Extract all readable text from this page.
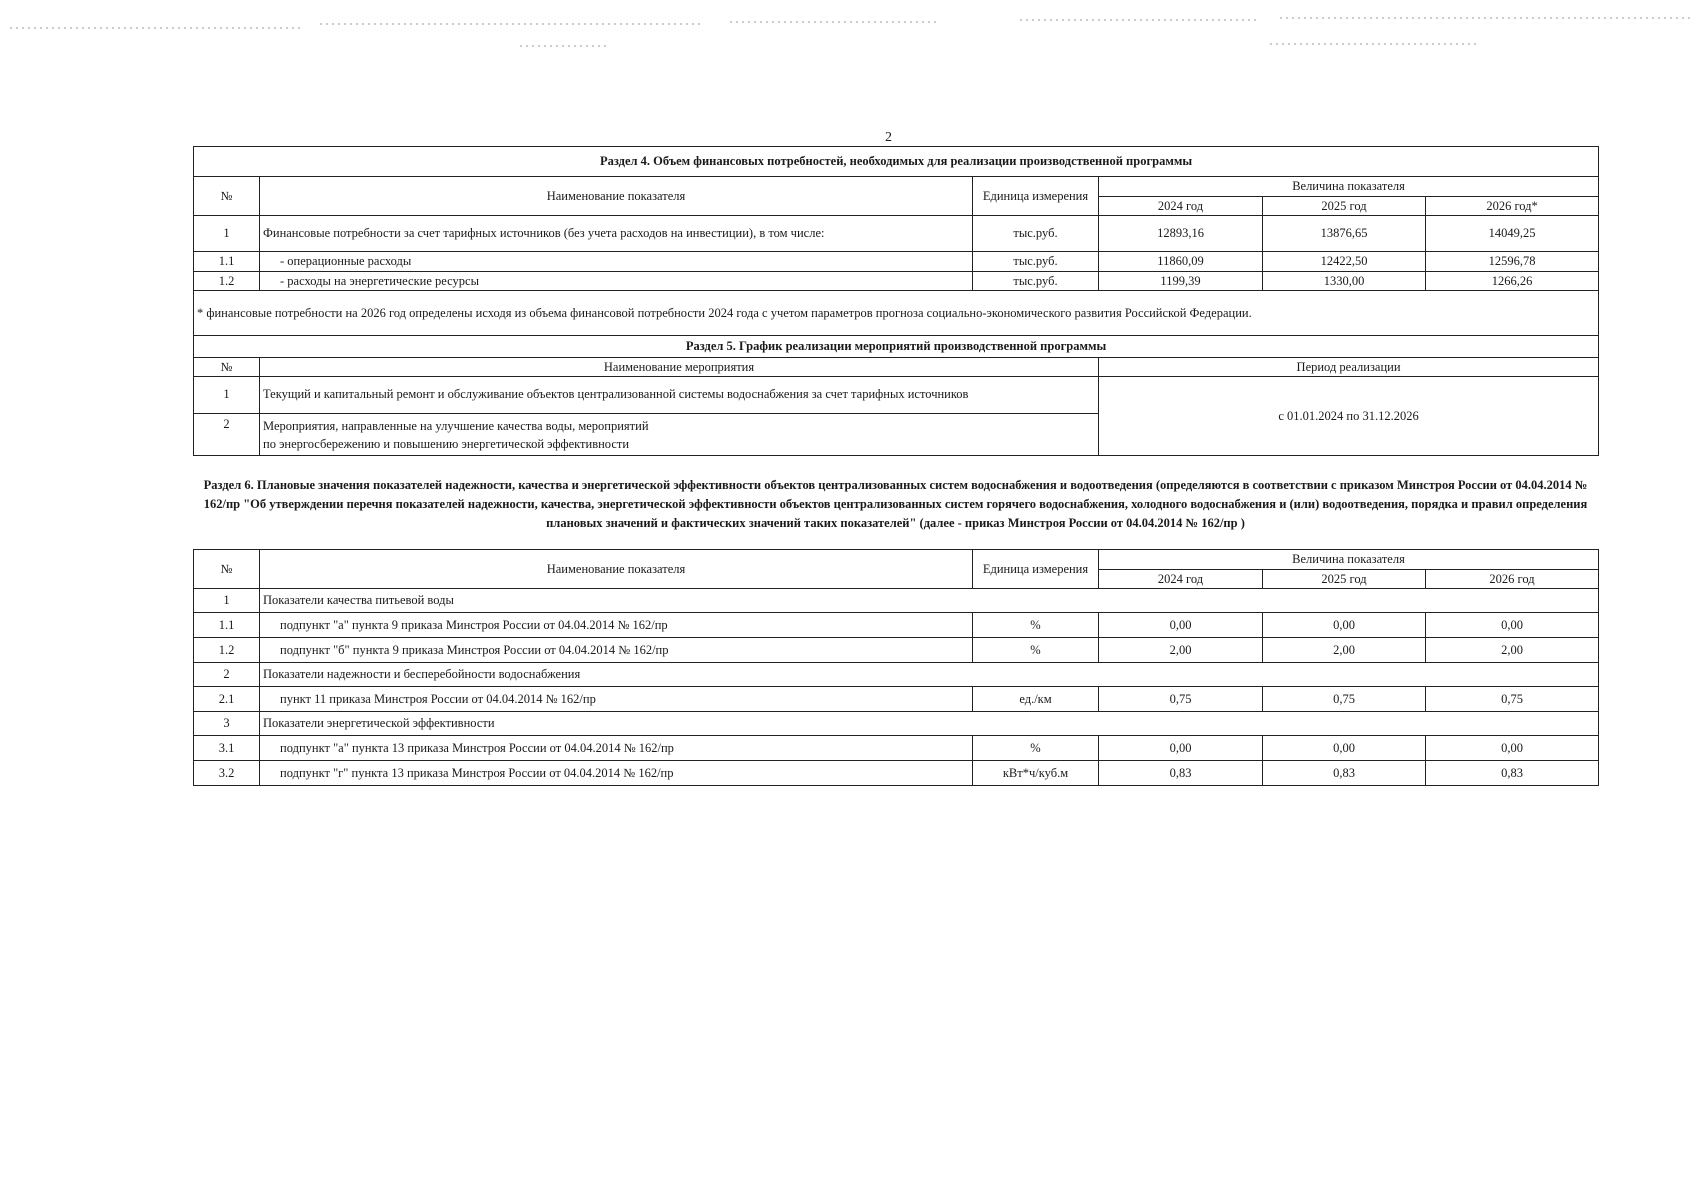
2
Раздел 4. Объем финансовых потребностей, необходимых для реализации производственной программы					
№	Наименование показателя	Единица измерения	Величина показателя		
			2024 год	2025 год	2026 год*
1	Финансовые потребности за счет тарифных источников (без учета расходов на инвестиции), в том числе:	тыс.руб.	12893,16	13876,65	14049,25
1.1	- операционные расходы	тыс.руб.	11860,09	12422,50	12596,78
1.2	- расходы на энергетические ресурсы	тыс.руб.	1199,39	1330,00	1266,26
* финансовые потребности на 2026 год определены исходя из объема финансовой потребности 2024 года с учетом параметров прогноза социально-экономического развития Российской Федерации.					
Раздел 5. График реализации мероприятий производственной программы					
№	Наименование мероприятия		Период реализации		
1	Текущий и капитальный ремонт и обслуживание объектов централизованной системы водоснабжения за счет тарифных источников		с 01.01.2024 по 31.12.2026		
2	Мероприятия, направленные на улучшение качества воды, мероприятий
по энергосбережению и повышению энергетической эффективности				
Раздел 6. Плановые значения показателей надежности, качества и энергетической эффективности объектов централизованных систем водоснабжения и водоотведения (определяются в соответствии с приказом Минстроя России от 04.04.2014 № 162/пр "Об утверждении перечня показателей надежности, качества, энергетической эффективности объектов централизованных систем горячего водоснабжения, холодного водоснабжения и (или) водоотведения, порядка и правил определения плановых значений и фактических значений таких показателей" (далее - приказ Минстроя России от 04.04.2014 № 162/пр )
№	Наименование показателя	Единица измерения	Величина показателя		
			2024 год	2025 год	2026 год
1	Показатели качества питьевой воды				
1.1	подпункт "а" пункта 9 приказа Минстроя России от 04.04.2014 № 162/пр	%	0,00	0,00	0,00
1.2	подпункт "б" пункта 9 приказа Минстроя России от 04.04.2014 № 162/пр	%	2,00	2,00	2,00
2	Показатели надежности и бесперебойности водоснабжения				
2.1	пункт 11 приказа Минстроя России от 04.04.2014 № 162/пр	ед./км	0,75	0,75	0,75
3	Показатели энергетической эффективности				
3.1	подпункт "а" пункта 13 приказа Минстроя России от 04.04.2014 № 162/пр	%	0,00	0,00	0,00
3.2	подпункт "г" пункта 13 приказа Минстроя России от 04.04.2014 № 162/пр	кВт*ч/куб.м	0,83	0,83	0,83
